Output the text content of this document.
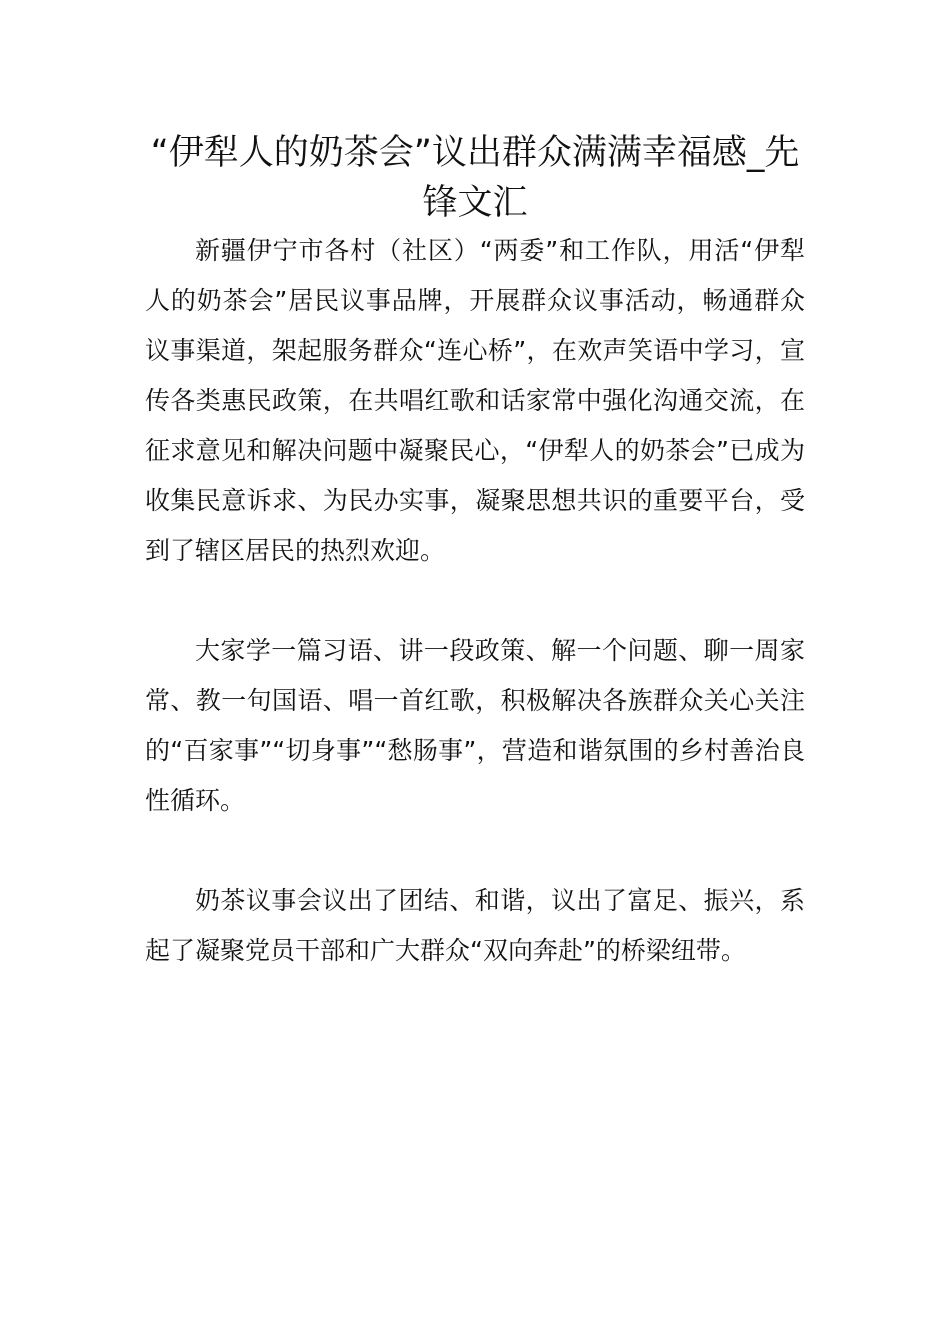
“伊犁人的奶茶会”议出群众满满幸福感_先锋文汇

新疆伊宁市各村（社区）“两委”和工作队，用活“伊犁人的奶茶会”居民议事品牌，开展群众议事活动，畅通群众议事渠道，架起服务群众“连心桥”，在欢声笑语中学习，宣传各类惠民政策，在共唱红歌和话家常中强化沟通交流，在征求意见和解决问题中凝聚民心，“伊犁人的奶茶会”已成为收集民意诉求、为民办实事，凝聚思想共识的重要平台，受到了辖区居民的热烈欢迎。

大家学一篇习语、讲一段政策、解一个问题、聊一周家常、教一句国语、唱一首红歌，积极解决各族群众关心关注的“百家事”“切身事”“愁肠事”，营造和谐氛围的乡村善治良性循环。

奶茶议事会议出了团结、和谐，议出了富足、振兴，系起了凝聚党员干部和广大群众“双向奔赴”的桥梁纽带。
